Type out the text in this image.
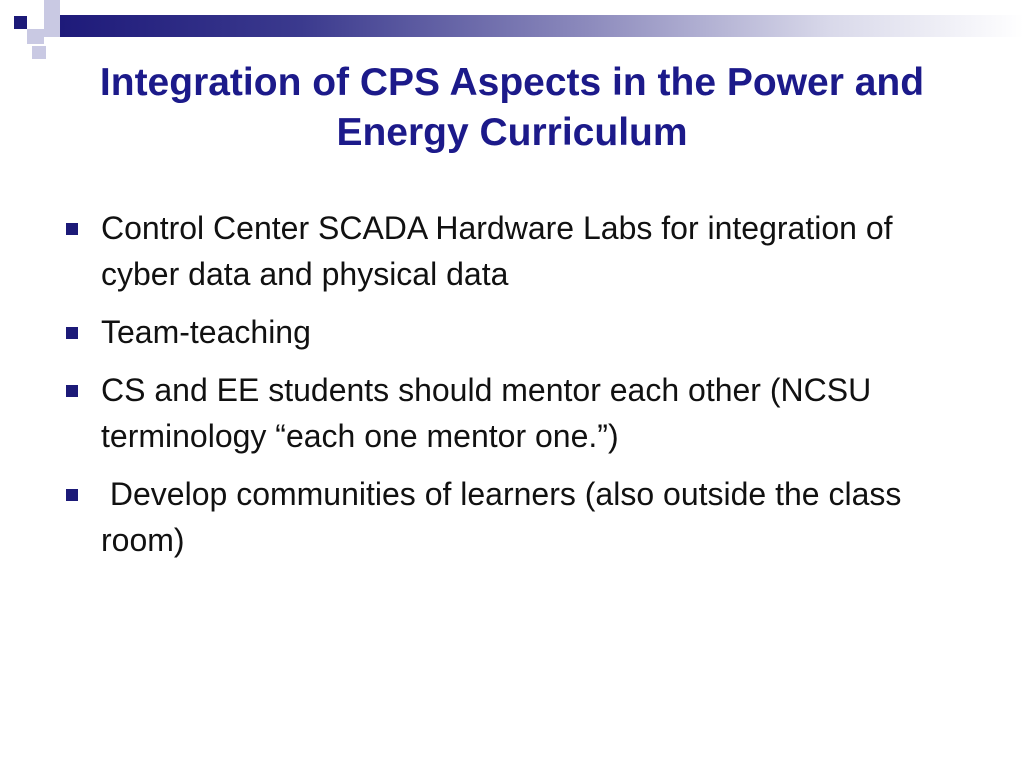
Integration of CPS Aspects in the Power and Energy Curriculum
Control Center SCADA Hardware Labs for integration of cyber data and physical data
Team-teaching
CS and EE students should mentor each other (NCSU terminology “each one mentor one.”)
Develop communities of learners (also outside the class room)
